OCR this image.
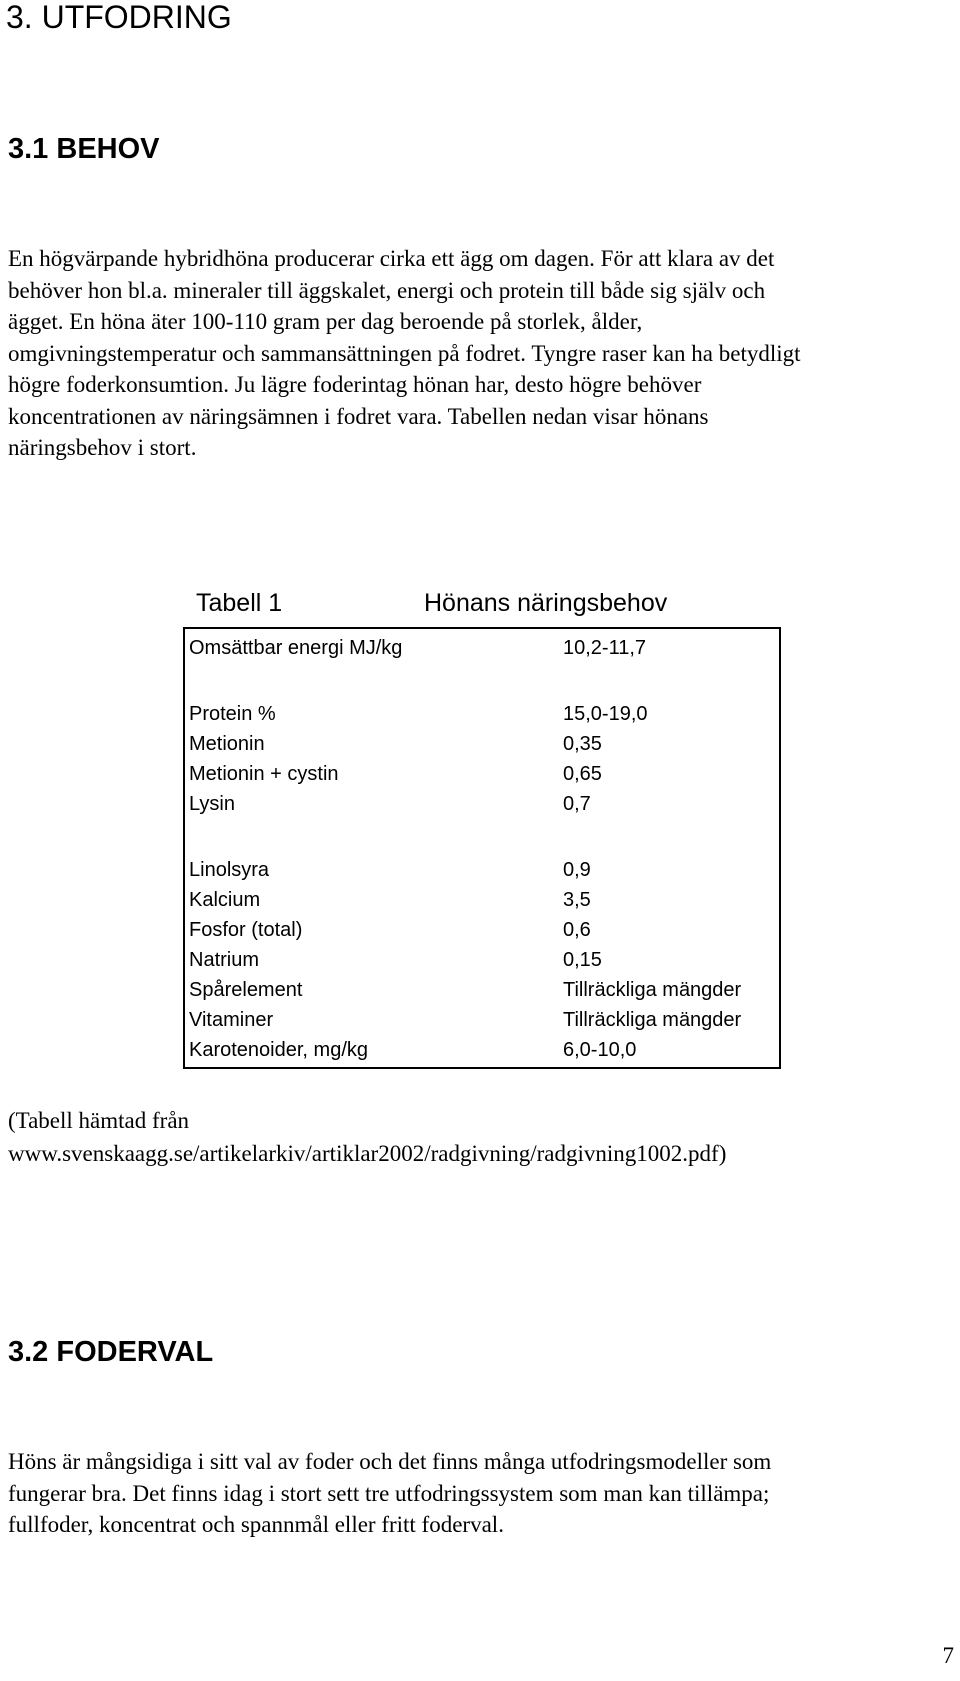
3. UTFODRING
3.1 BEHOV
En högvärpande hybridhöna producerar cirka ett ägg om dagen. För att klara av det
behöver hon bl.a. mineraler till äggskalet, energi och protein till både sig själv och
ägget. En höna äter 100-110 gram per dag beroende på storlek, ålder,
omgivningstemperatur och sammansättningen på fodret. Tyngre raser kan ha betydligt
högre foderkonsumtion. Ju lägre foderintag hönan har, desto högre behöver
koncentrationen av näringsämnen i fodret vara. Tabellen nedan visar hönans
näringsbehov i stort.
Tabell 1	Hönans näringsbehov
Omsättbar energi MJ/kg	10,2-11,7
Protein %	15,0-19,0
Metionin	0,35
Metionin + cystin	0,65
Lysin	0,7
Linolsyra	0,9
Kalcium	3,5
Fosfor (total)	0,6
Natrium	0,15
Spårelement	Tillräckliga mängder
Vitaminer	Tillräckliga mängder
Karotenoider, mg/kg	6,0-10,0
(Tabell hämtad från
www.svenskaagg.se/artikelarkiv/artiklar2002/radgivning/radgivning1002.pdf)
3.2 FODERVAL
Höns är mångsidiga i sitt val av foder och det finns många utfodringsmodeller som
fungerar bra. Det finns idag i stort sett tre utfodringssystem som man kan tillämpa;
fullfoder, koncentrat och spannmål eller fritt foderval.
7
